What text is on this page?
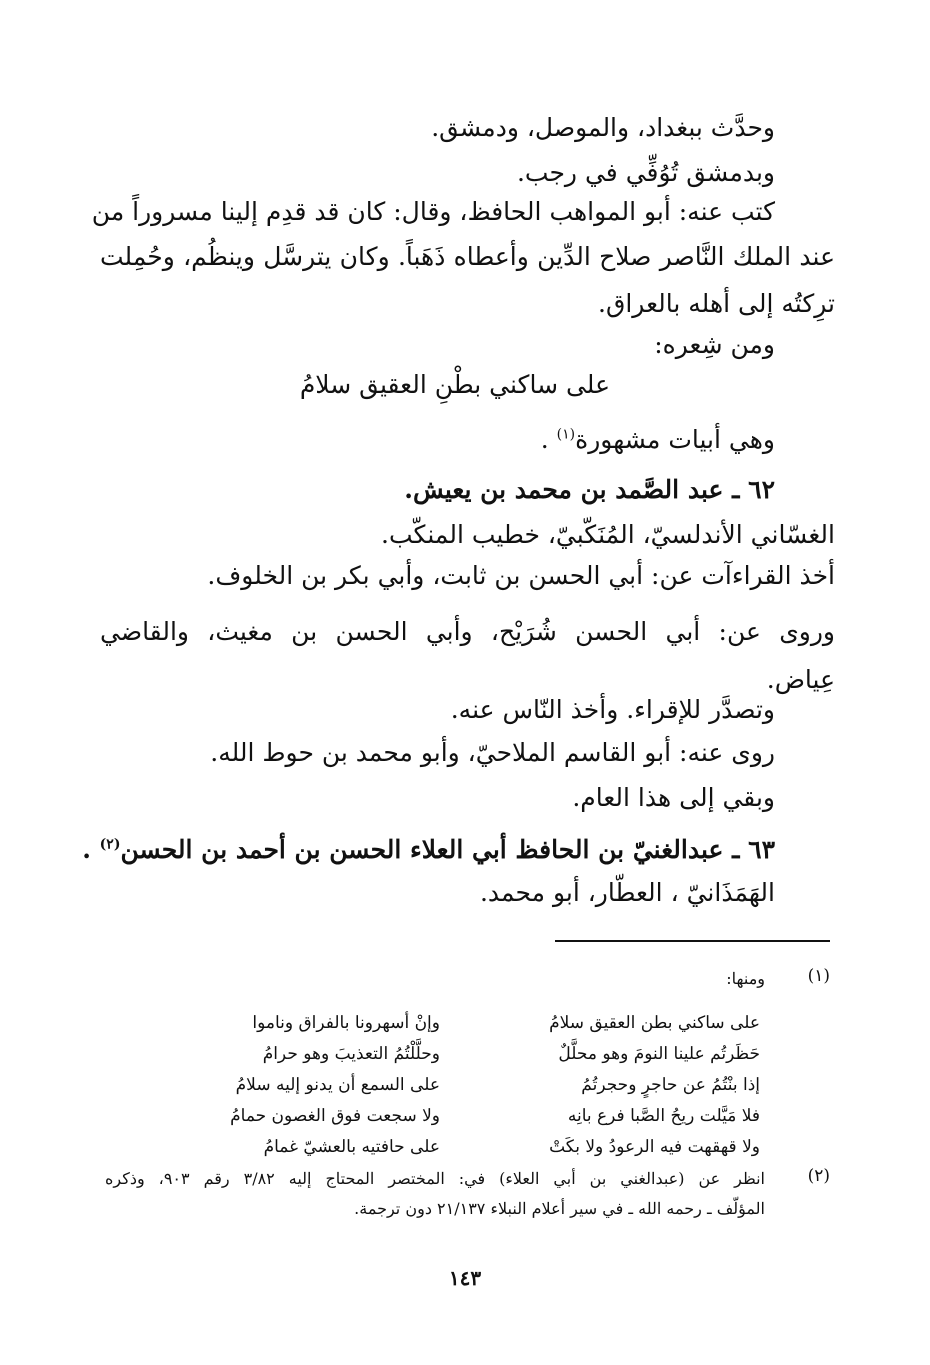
وحدَّث ببغداد، والموصل، ودمشق.
وبدمشق تُوُفِّي في رجب.
كتب عنه: أبو المواهب الحافظ، وقال: كان قد قدِم إلينا مسروراً من
عند الملك النَّاصر صلاح الدِّين وأعطاه ذَهَباً. وكان يترسَّل وينظُم، وحُمِلت
ترِكتُه إلى أهله بالعراق.
ومن شِعره:
على ساكني بطْنِ العقيق سلامُ
وهي أبيات مشهورة$^{(١)}$ .
٦٢ ـ عبد الصَّمد بن محمد بن يعيش.
الغسّاني الأندلسيّ، المُنَكّبيّ، خطيب المنكّب.
أخذ القراءآت عن: أبي الحسن بن ثابت، وأبي بكر بن الخلوف.
وروى عن: أبي الحسن شُرَيْح، وأبي الحسن بن مغيث، والقاضي
عِياض.
وتصدَّر للإقراء. وأخذ النّاس عنه.
روى عنه: أبو القاسم الملاحيّ، وأبو محمد بن حوط الله.
وبقي إلى هذا العام.
٦٣ ـ عبدالغنيّ بن الحافظ أبي العلاء الحسن بن أحمد بن الحسن$^{(٢)}$ .
الهَمَذَانيّ ، العطّار، أبو محمد.
(١)
ومنها:
على ساكني بطن العقيق سلامُ
حَظَرتُم علينا النومَ وهو محلَّلٌ
إذا بنْتُمُ عن حاجرٍ وحجرتُمُ
فلا مَيَّلت ريحُ الصَّبا فرع بانِه
ولا قهقهت فيه الرعودُ ولا بكَتْ
وإنْ أسهرونا بالفراق وناموا
وحلَّلْتُمُ التعذيبَ وهو حرامُ
على السمع أن يدنو إليه سلامُ
ولا سجعت فوق الغصون حمامُ
على حافتيه بالعشيّ غمامُ
(٢)
انظر عن (عبدالغني بن أبي العلاء) في: المختصر المحتاج إليه ٣/٨٢ رقم ٩٠٣، وذكره
المؤلّف ـ رحمه الله ـ في سير أعلام النبلاء ٢١/١٣٧ دون ترجمة.
١٤٣
